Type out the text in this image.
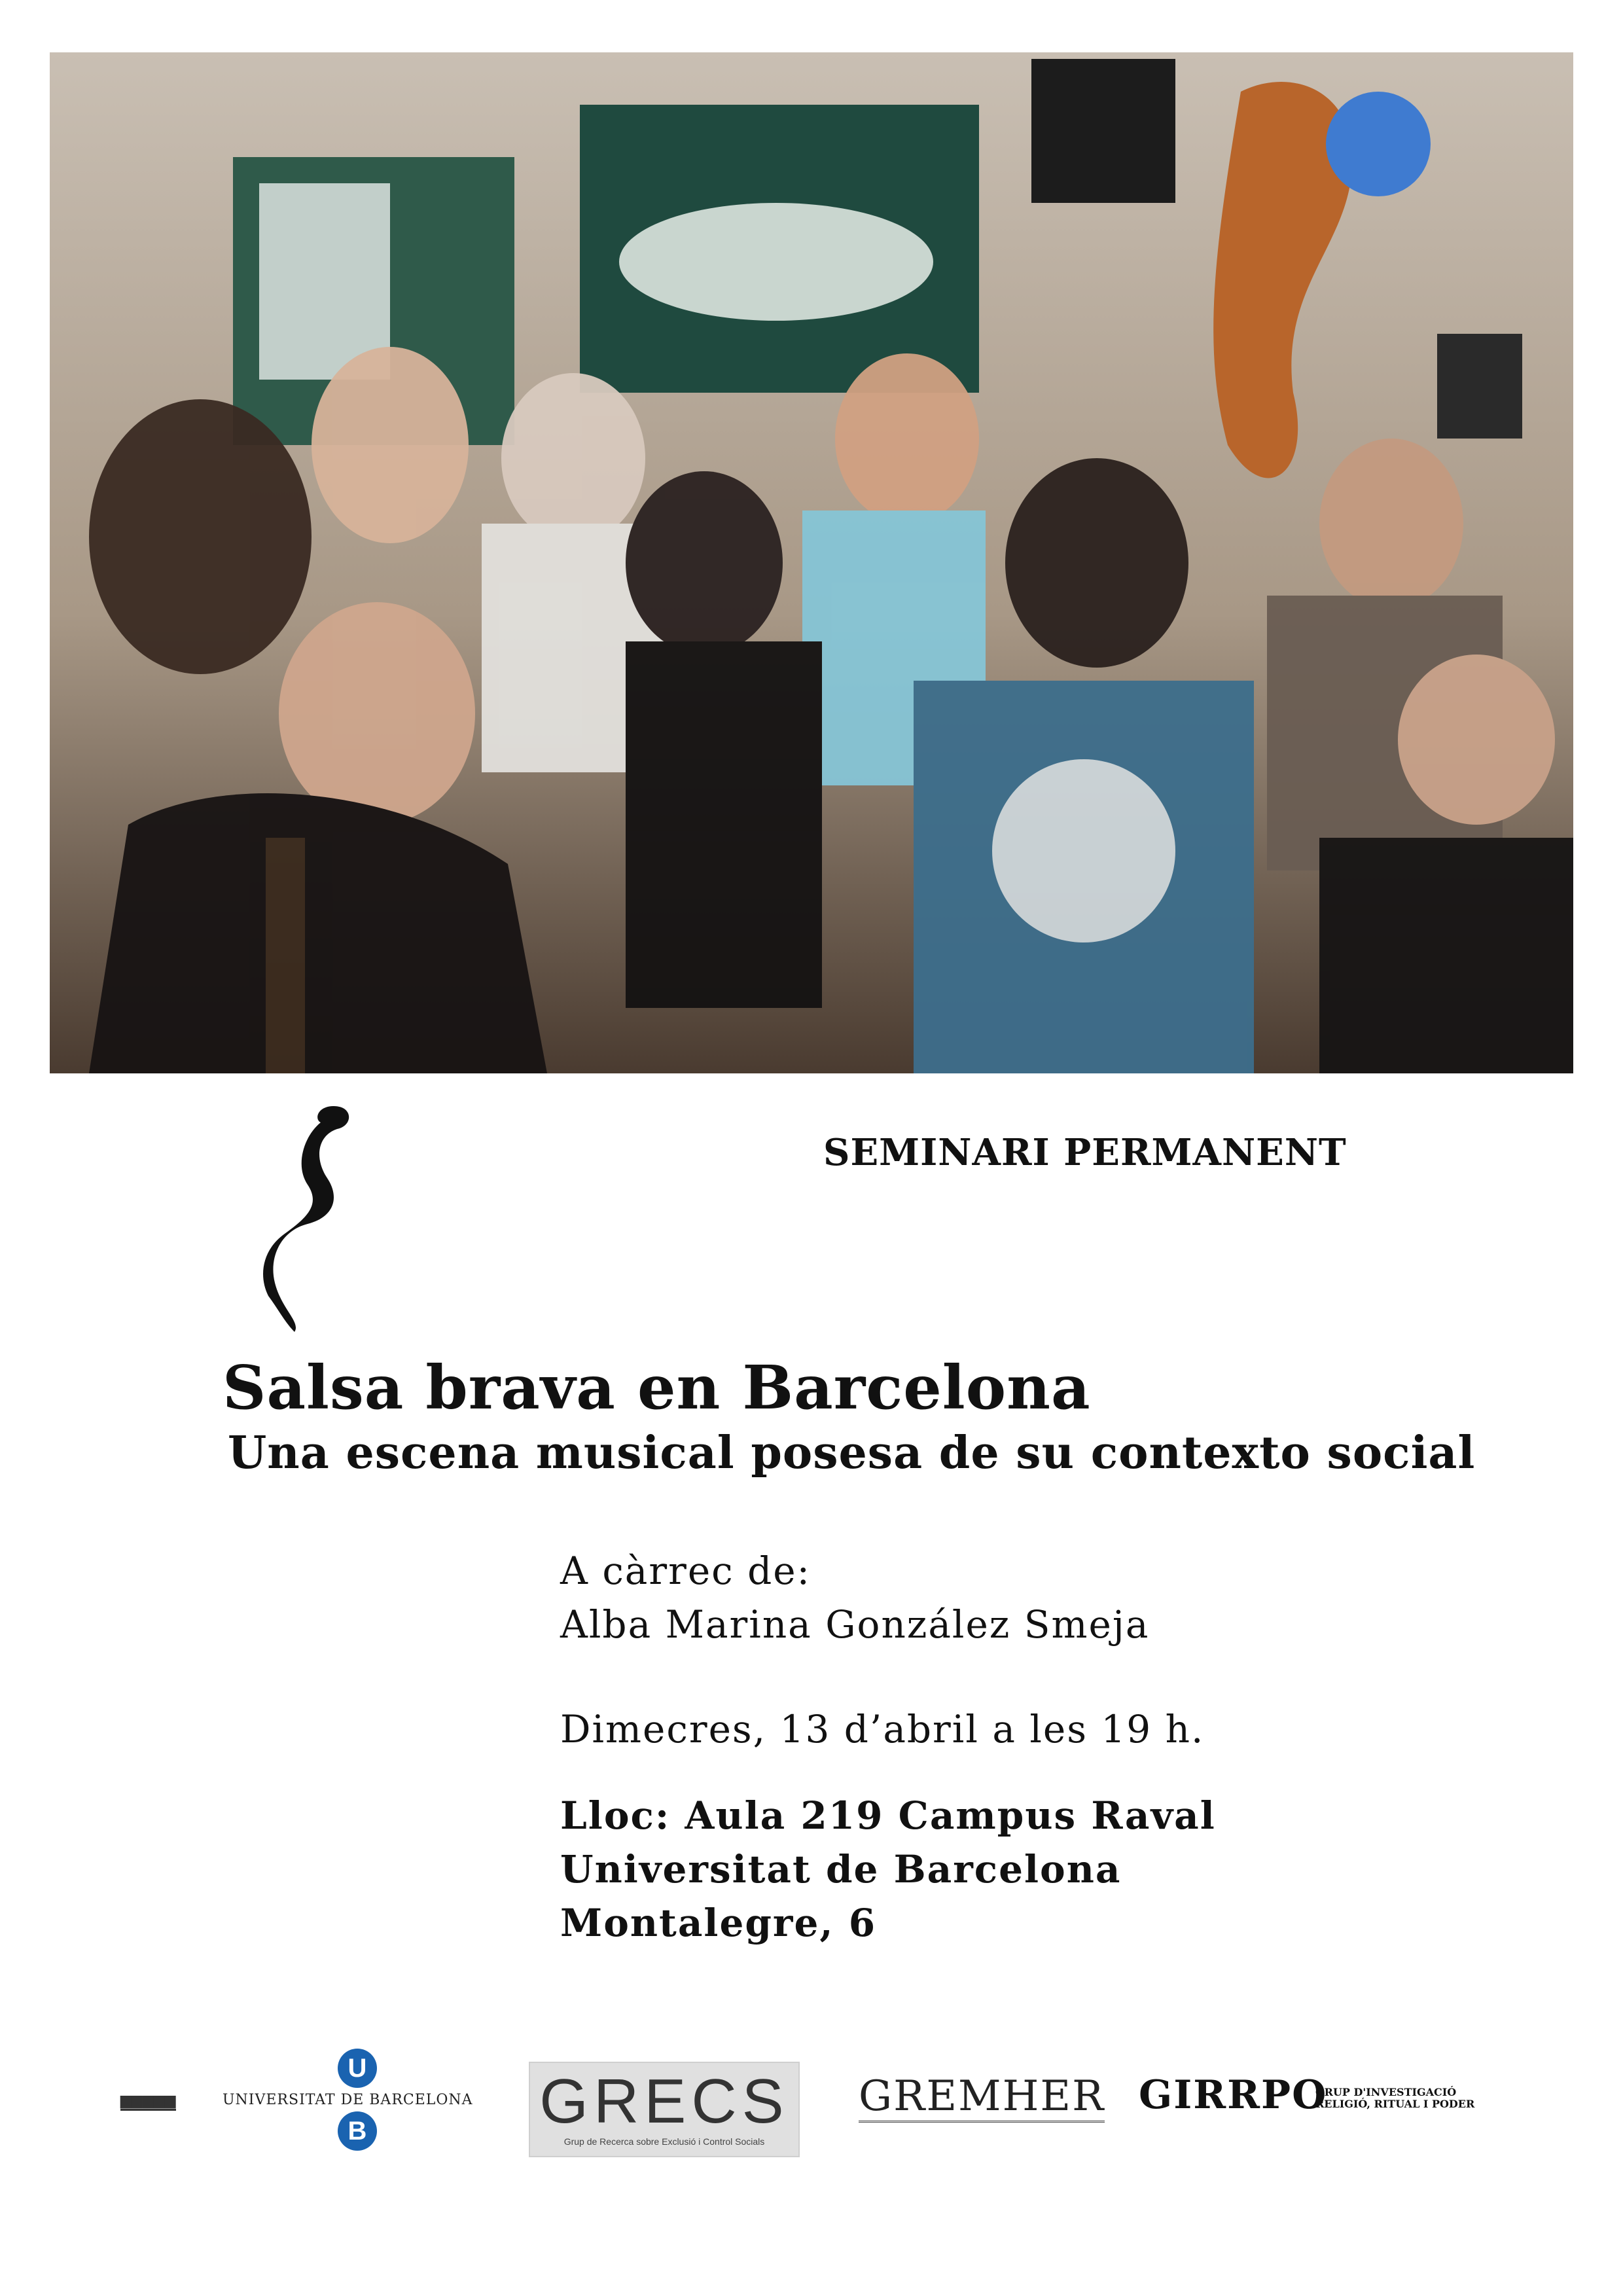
SEMINARI PERMANENT
Salsa brava en Barcelona
Una escena musical posesa de su contexto social
A càrrec de:
Alba Marina González Smeja
Dimecres, 13 d’abril a les 19 h.
Lloc: Aula 219 Campus Raval
Universitat de Barcelona
Montalegre, 6
▆▆▆▆▆
U
UNIVERSITAT DE BARCELONA
B	GRECS
Grup de Recerca sobre Exclusió i Control Socials
GREMHER GIRRPO
GRUP D'INVESTIGACIÓ RELIGIÓ, RITUAL I PODER
